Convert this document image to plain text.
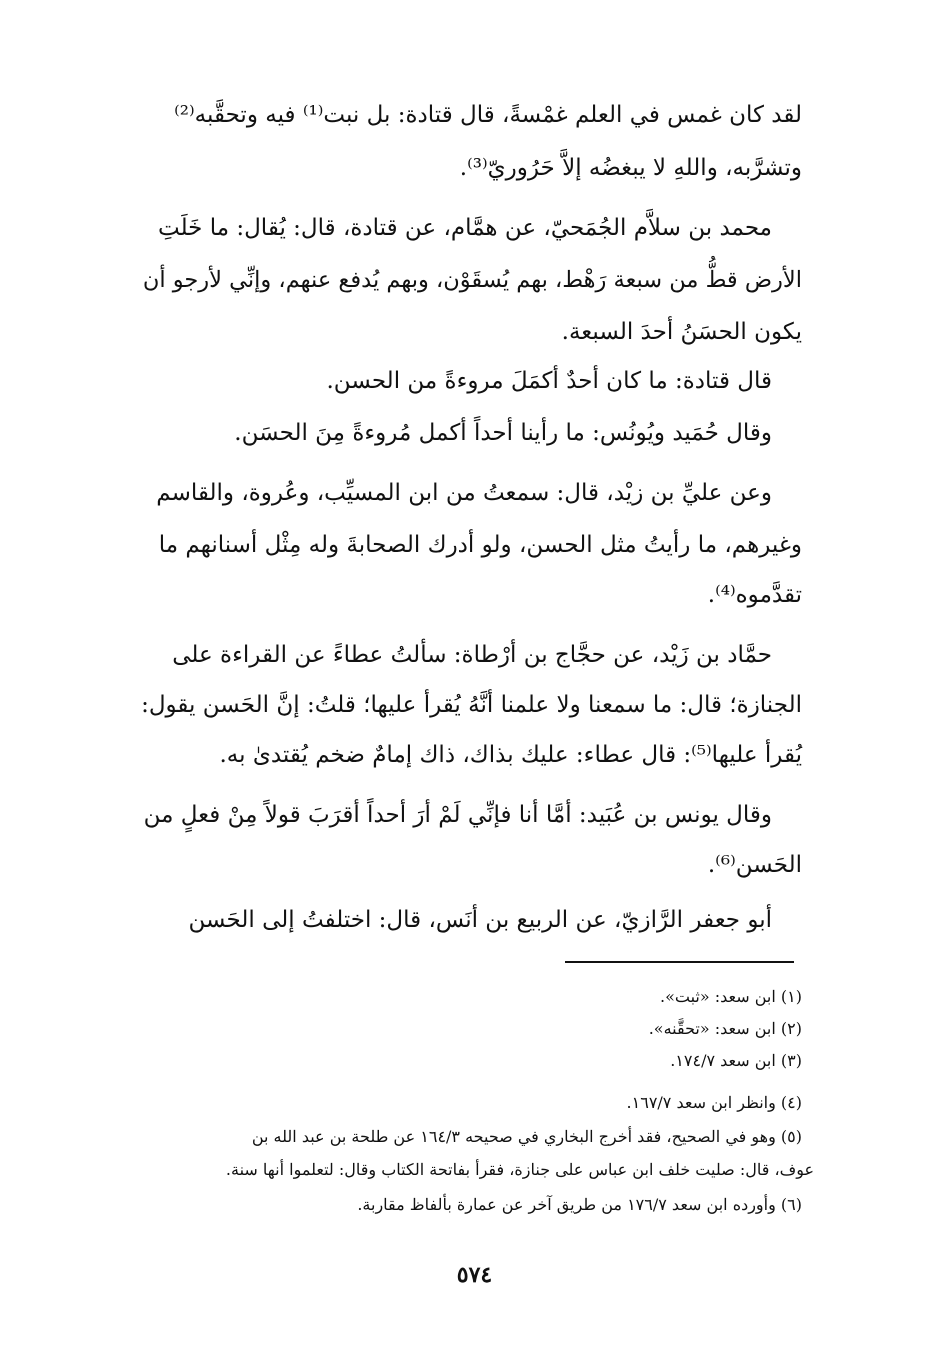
لقد كان غمس في العلم غمْسةً، قال قتادة: بل نبت⁽¹⁾ فيه وتحقَّبه⁽²⁾
وتشرَّبه، واللهِ لا يبغضُه إلاَّ حَرُوريّ⁽³⁾.
محمد بن سلاَّم الجُمَحيّ، عن همَّام، عن قتادة، قال: يُقال: ما خَلَتِ
الأرض قطُّ من سبعة رَهْط، بهم يُسقَوْن، وبهم يُدفع عنهم، وإنِّي لأرجو أن
يكون الحسَنُ أحدَ السبعة.
قال قتادة: ما كان أحدٌ أكمَلَ مروءةً من الحسن.
وقال حُمَيد ويُونُس: ما رأينا أحداً أكمل مُروءةً مِنَ الحسَن.
وعن عليِّ بن زيْد، قال: سمعتُ من ابن المسيِّب، وعُروة، والقاسم
وغيرهم، ما رأيتُ مثل الحسن، ولو أدرك الصحابةَ وله مِثْل أسنانهم ما
تقدَّموه⁽⁴⁾.
حمَّاد بن زَيْد، عن حجَّاج بن أرْطاة: سألتُ عطاءً عن القراءة على
الجنازة؛ قال: ما سمعنا ولا علمنا أنَّهُ يُقرأ عليها؛ قلتُ: إنَّ الحَسن يقول:
يُقرأ عليها⁽⁵⁾: قال عطاء: عليك بذاك، ذاك إمامٌ ضخم يُقتدىٰ به.
وقال يونس بن عُبَيد: أمَّا أنا فإنِّي لَمْ أرَ أحداً أقرَبَ قولاً مِنْ فعلٍ من
الحَسن⁽⁶⁾.
أبو جعفر الرَّازيّ، عن الربيع بن أنَس، قال: اختلفتُ إلى الحَسن
(١) ابن سعد: «ثبت».
(٢) ابن سعد: «تحقَّنه».
(٣) ابن سعد ١٧٤/٧.
(٤) وانظر ابن سعد ١٦٧/٧.
(٥) وهو في الصحيح، فقد أخرج البخاري في صحيحه ١٦٤/٣ عن طلحة بن عبد الله بن
عوف، قال: صليت خلف ابن عباس على جنازة، فقرأ بفاتحة الكتاب وقال: لتعلموا أنها سنة.
(٦) وأورده ابن سعد ١٧٦/٧ من طريق آخر عن عمارة بألفاظ مقاربة.
٥٧٤
